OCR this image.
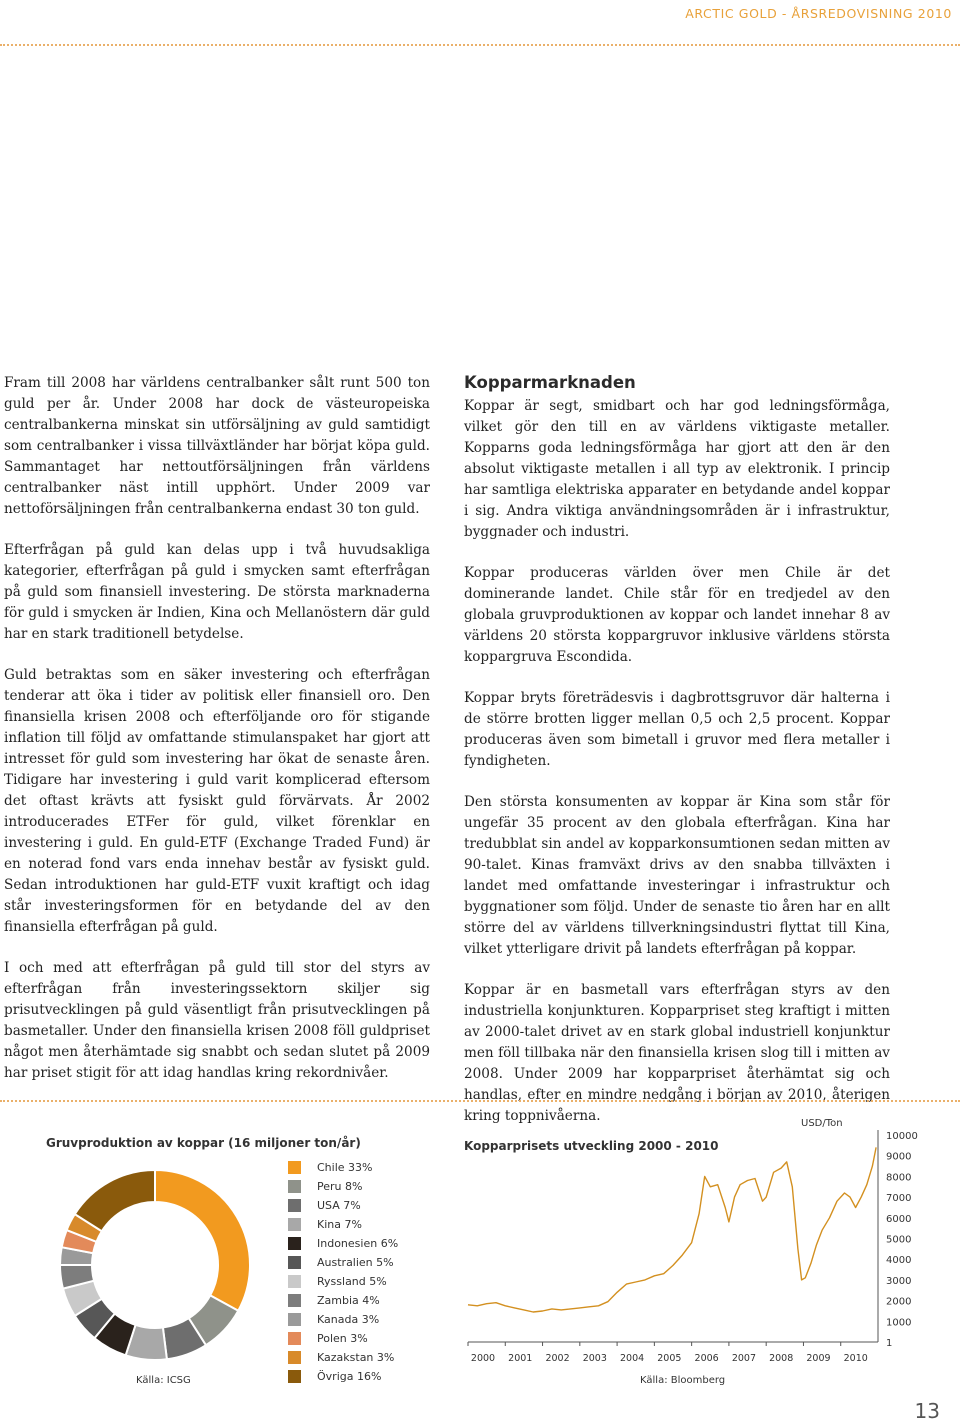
ARCTIC GOLD - ÅRSREDOVISNING 2010

Fram till 2008 har världens centralbanker sålt runt 500 ton guld per år. Under 2008 har dock de västeuropeiska centralbankerna minskat sin utförsäljning av guld samtidigt som centralbanker i vissa tillväxtländer har börjat köpa guld. Sammantaget har nettoutförsäljningen från världens centralbanker näst intill upphört. Under 2009 var nettoförsäljningen från centralbankerna endast 30 ton guld.

Efterfrågan på guld kan delas upp i två huvudsakliga kategorier, efterfrågan på guld i smycken samt efterfrågan på guld som finansiell investering. De största marknaderna för guld i smycken är Indien, Kina och Mellanöstern där guld har en stark traditionell betydelse.

Guld betraktas som en säker investering och efterfrågan tenderar att öka i tider av politisk eller finansiell oro. Den finansiella krisen 2008 och efterföljande oro för stigande inflation till följd av omfattande stimulanspaket har gjort att intresset för guld som investering har ökat de senaste åren. Tidigare har investering i guld varit komplicerad eftersom det oftast krävts att fysiskt guld förvärvats. År 2002 introducerades ETFer för guld, vilket förenklar en investering i guld. En guld-ETF (Exchange Traded Fund) är en noterad fond vars enda innehav består av fysiskt guld. Sedan introduktionen har guld-ETF vuxit kraftigt och idag står investeringsformen för en betydande del av den finansiella efterfrågan på guld.

I och med att efterfrågan på guld till stor del styrs av efterfrågan från investeringssektorn skiljer sig prisutvecklingen på guld väsentligt från prisutvecklingen på basmetaller. Under den finansiella krisen 2008 föll guldpriset något men återhämtade sig snabbt och sedan slutet på 2009 har priset stigit för att idag handlas kring rekordnivåer.

Kopparmarknaden

Koppar är segt, smidbart och har god ledningsförmåga, vilket gör den till en av världens viktigaste metaller. Kopparns goda ledningsförmåga har gjort att den är den absolut viktigaste metallen i all typ av elektronik. I princip har samtliga elektriska apparater en betydande andel koppar i sig. Andra viktiga användningsområden är i infrastruktur, byggnader och industri.

Koppar produceras världen över men Chile är det dominerande landet. Chile står för en tredjedel av den globala gruvproduktionen av koppar och landet innehar 8 av världens 20 största koppargruvor inklusive världens största koppargruva Escondida.

Koppar bryts företrädesvis i dagbrottsgruvor där halterna i de större brotten ligger mellan 0,5 och 2,5 procent. Koppar produceras även som bimetall i gruvor med flera metaller i fyndigheten.

Den största konsumenten av koppar är Kina som står för ungefär 35 procent av den globala efterfrågan. Kina har tredubblat sin andel av kopparkonsumtionen sedan mitten av 90-talet. Kinas framväxt drivs av den snabba tillväxten i landet med omfattande investeringar i infrastruktur och byggnationer som följd. Under de senaste tio åren har en allt större del av världens tillverkningsindustri flyttat till Kina, vilket ytterligare drivit på landets efterfrågan på koppar.

Koppar är en basmetall vars efterfrågan styrs av den industriella konjunkturen. Kopparpriset steg kraftigt i mitten av 2000-talet drivet av en stark global industriell konjunktur men föll tillbaka när den finansiella krisen slog till i mitten av 2008. Under 2009 har kopparpriset återhämtat sig och handlas, efter en mindre nedgång i början av 2010, återigen kring toppnivåerna.

Gruvproduktion av koppar (16 miljoner ton/år)
Chile 33%
Peru 8%
USA 7%
Kina 7%
Indonesien 6%
Australien 5%
Ryssland 5%
Zambia 4%
Kanada 3%
Polen 3%
Kazakstan 3%
Övriga 16%
Källa: ICSG
Kopparprisets utveckling 2000 - 2010
USD/Ton
2000 2001 2002 2003 2004 2005 2006 2007 2008 2009 2010
10000
9000
8000
7000
6000
5000
4000
3000
2000
1000
1
Källa: Bloomberg
13
